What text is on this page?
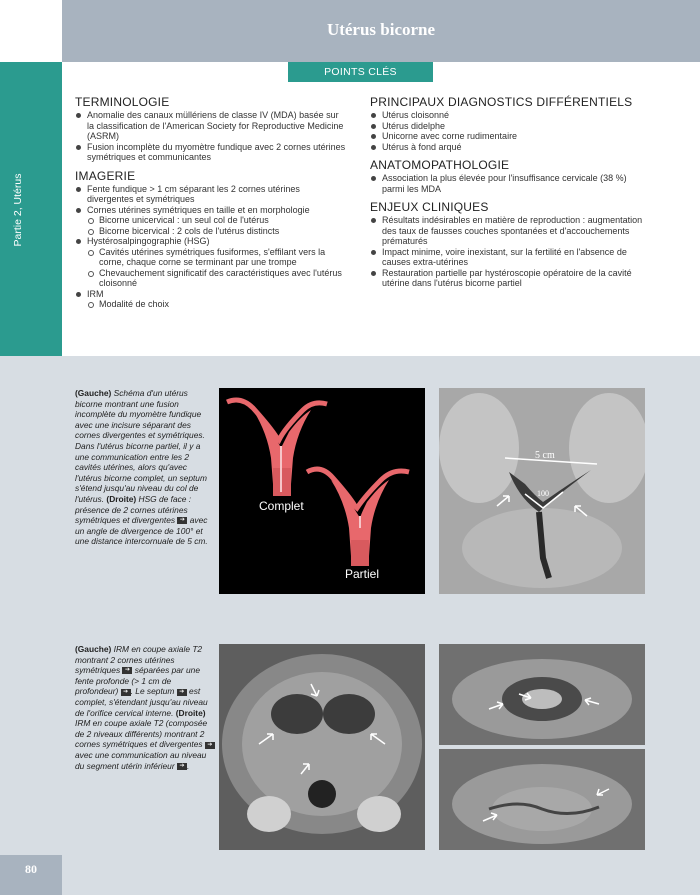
Utérus bicorne
Partie 2, Utérus
POINTS CLÉS
TERMINOLOGIE
Anomalie des canaux müllériens de classe IV (MDA) basée sur la classification de l'American Society for Reproductive Medicine (ASRM)
Fusion incomplète du myomètre fundique avec 2 cornes utérines symétriques et communicantes
IMAGERIE
Fente fundique > 1 cm séparant les 2 cornes utérines divergentes et symétriques
Cornes utérines symétriques en taille et en morphologie
Bicorne unicervical : un seul col de l'utérus
Bicorne bicervical : 2 cols de l'utérus distincts
Hystérosalpingographie (HSG)
Cavités utérines symétriques fusiformes, s'effilant vers la corne, chaque corne se terminant par une trompe
Chevauchement significatif des caractéristiques avec l'utérus cloisonné
IRM
Modalité de choix
PRINCIPAUX DIAGNOSTICS DIFFÉRENTIELS
Utérus cloisonné
Utérus didelphe
Unicorne avec corne rudimentaire
Utérus à fond arqué
ANATOMOPATHOLOGIE
Association la plus élevée pour l'insuffisance cervicale (38 %) parmi les MDA
ENJEUX CLINIQUES
Résultats indésirables en matière de reproduction : augmentation des taux de fausses couches spontanées et d'accouchements prématurés
Impact minime, voire inexistant, sur la fertilité en l'absence de causes extra-utérines
Restauration partielle par hystéroscopie opératoire de la cavité utérine dans l'utérus bicorne partiel
(Gauche) Schéma d'un utérus bicorne montrant une fusion incomplète du myomètre fundique avec une incisure séparant des cornes divergentes et symétriques. Dans l'utérus bicorne partiel, il y a une communication entre les 2 cavités utérines, alors qu'avec l'utérus bicorne complet, un septum s'étend jusqu'au niveau du col de l'utérus. (Droite) HSG de face : présence de 2 cornes utérines symétriques et divergentes ➔ avec un angle de divergence de 100° et une distance intercornuale de 5 cm.
Complet
Partiel
5 cm
100
(Gauche) IRM en coupe axiale T2 montrant 2 cornes utérines symétriques ➔ séparées par une fente profonde (> 1 cm de profondeur) ➔ . Le septum ➔ est complet, s'étendant jusqu'au niveau de l'orifice cervical interne. (Droite) IRM en coupe axiale T2 (composée de 2 niveaux différents) montrant 2 cornes symétriques et divergentes ➔ avec une communication au niveau du segment utérin inférieur ➔ .
80
